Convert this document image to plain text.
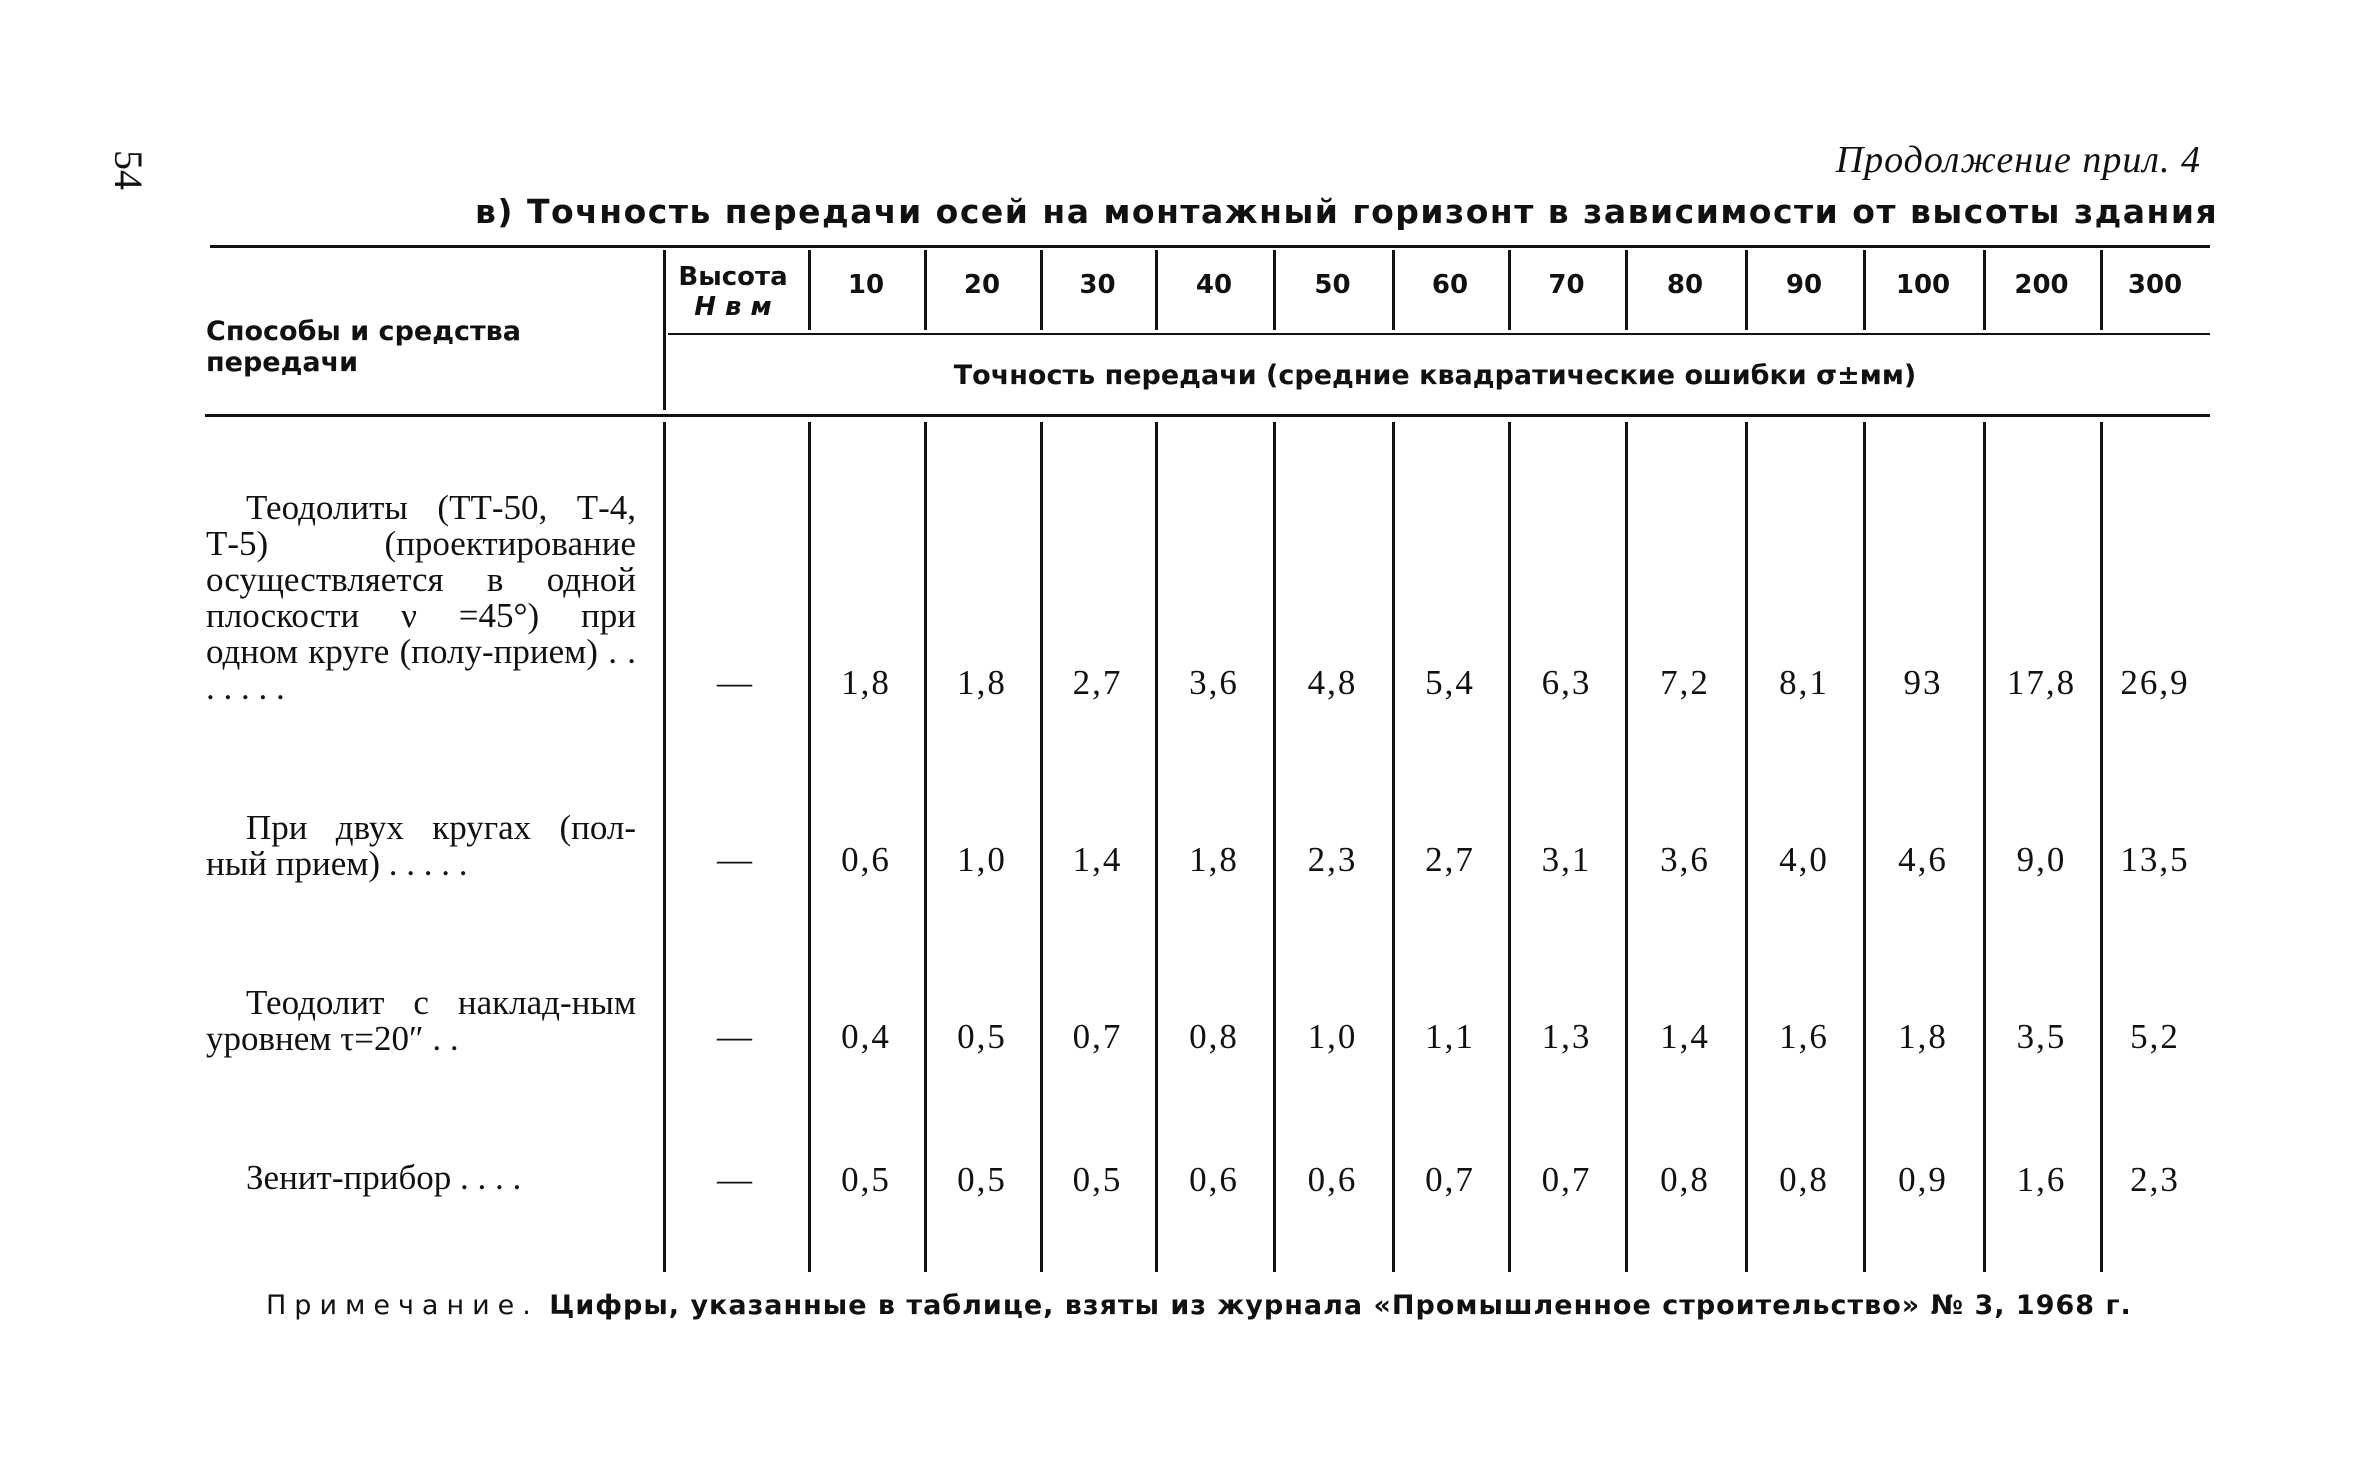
54	Продолжение прил. 4
в) Точность передачи осей на монтажный горизонт в зависимости от высоты здания
Способы и средства передачи
Высота
H в м
Точность передачи (средние квадратические ошибки σ±мм)
Примечание. Цифры, указанные в таблице, взяты из журнала «Промышленное строительство» № 3, 1968 г.
10	20	30	40	50	60	70	80	90	100	200	300
Теодолиты (ТТ-50, Т-4, Т-5) (проектирование осуществляется в одной плоскости ν =45°) при одном круге (полу-прием) . . . . . . .	—	1,8	1,8	2,7	3,6	4,8	5,4	6,3	7,2	8,1	93	17,8	26,9
При двух кругах (пол-ный прием) . . . . .	—	0,6	1,0	1,4	1,8	2,3	2,7	3,1	3,6	4,0	4,6	9,0	13,5
Теодолит с наклад-ным уровнем τ=20″ . .	—	0,4	0,5	0,7	0,8	1,0	1,1	1,3	1,4	1,6	1,8	3,5	5,2
Зенит-прибор . . . .	—	0,5	0,5	0,5	0,6	0,6	0,7	0,7	0,8	0,8	0,9	1,6	2,3
